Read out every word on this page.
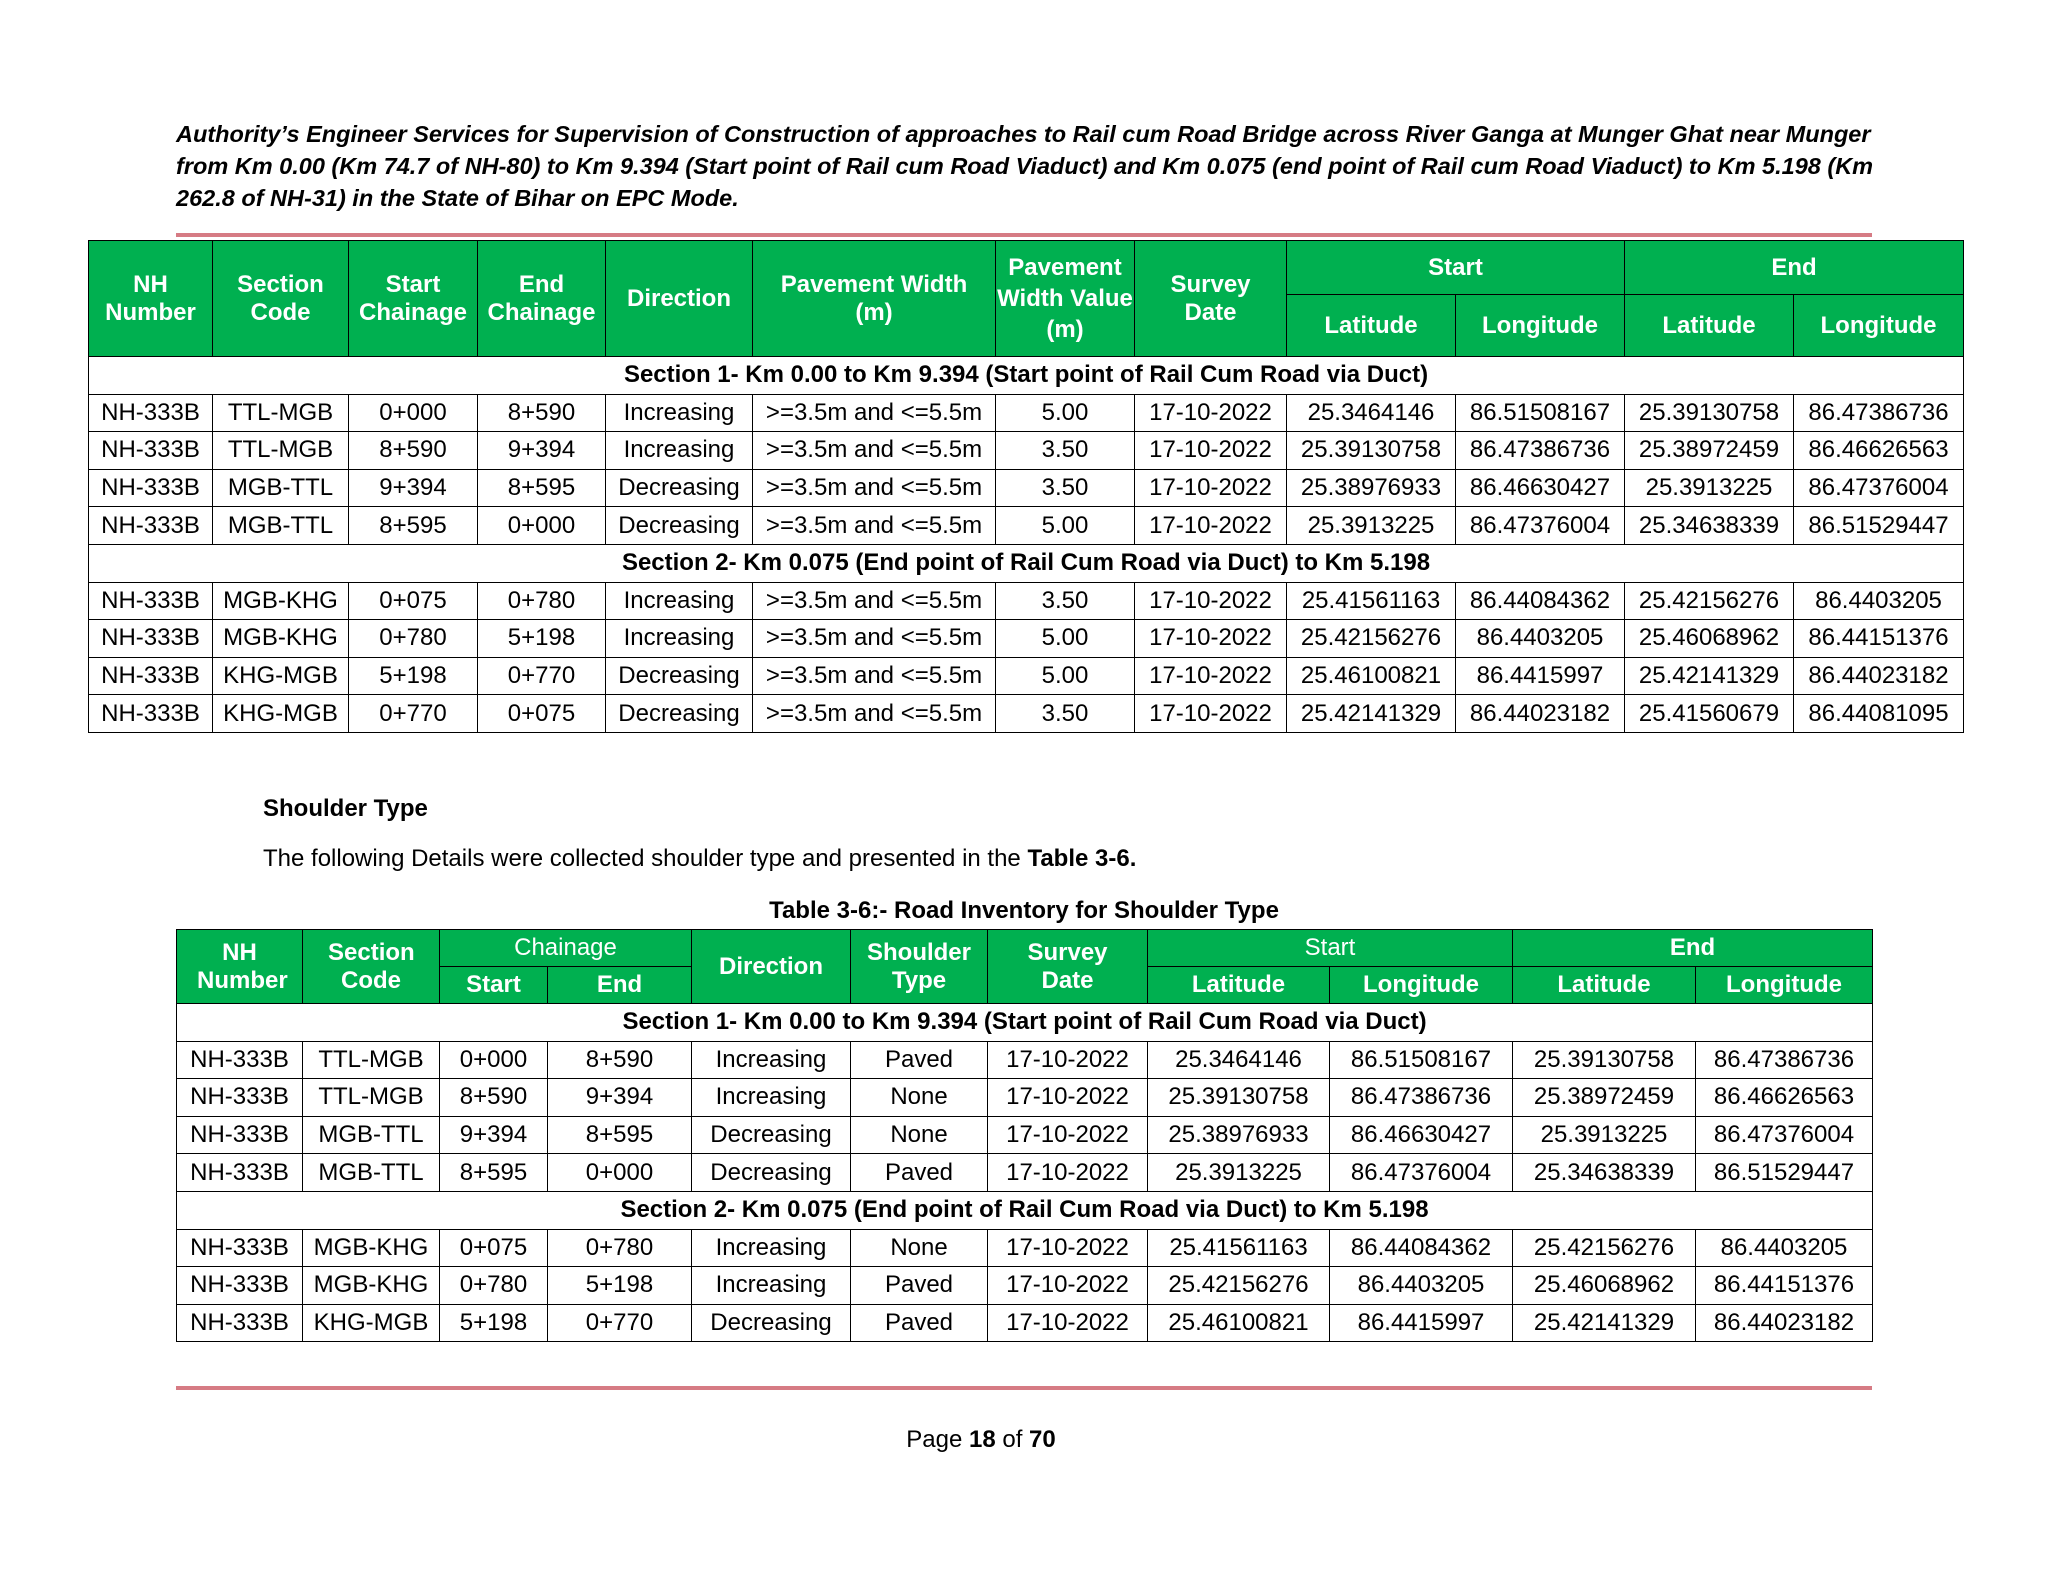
Authority’s Engineer Services for Supervision of Construction of approaches to Rail cum Road Bridge across River Ganga at Munger Ghat near Munger from Km 0.00 (Km 74.7 of NH-80) to Km 9.394 (Start point of Rail cum Road Viaduct) and Km 0.075 (end point of Rail cum Road Viaduct) to Km 5.198 (Km 262.8 of NH-31) in the State of Bihar on EPC Mode.
NH Number	Section Code	Start Chainage	End Chainage	Direction	Pavement Width (m)	Pavement Width Value (m)	Survey Date	Start		End	
								Latitude	Longitude	Latitude	Longitude
Section 1- Km 0.00 to Km 9.394 (Start point of Rail Cum Road via Duct)											
NH-333B	TTL-MGB	0+000	8+590	Increasing	>=3.5m and <=5.5m	5.00	17-10-2022	25.3464146	86.51508167	25.39130758	86.47386736
NH-333B	TTL-MGB	8+590	9+394	Increasing	>=3.5m and <=5.5m	3.50	17-10-2022	25.39130758	86.47386736	25.38972459	86.46626563
NH-333B	MGB-TTL	9+394	8+595	Decreasing	>=3.5m and <=5.5m	3.50	17-10-2022	25.38976933	86.46630427	25.3913225	86.47376004
NH-333B	MGB-TTL	8+595	0+000	Decreasing	>=3.5m and <=5.5m	5.00	17-10-2022	25.3913225	86.47376004	25.34638339	86.51529447
Section 2- Km 0.075 (End point of Rail Cum Road via Duct) to Km 5.198											
NH-333B	MGB-KHG	0+075	0+780	Increasing	>=3.5m and <=5.5m	3.50	17-10-2022	25.41561163	86.44084362	25.42156276	86.4403205
NH-333B	MGB-KHG	0+780	5+198	Increasing	>=3.5m and <=5.5m	5.00	17-10-2022	25.42156276	86.4403205	25.46068962	86.44151376
NH-333B	KHG-MGB	5+198	0+770	Decreasing	>=3.5m and <=5.5m	5.00	17-10-2022	25.46100821	86.4415997	25.42141329	86.44023182
NH-333B	KHG-MGB	0+770	0+075	Decreasing	>=3.5m and <=5.5m	3.50	17-10-2022	25.42141329	86.44023182	25.41560679	86.44081095
Shoulder Type
The following Details were collected shoulder type and presented in the Table 3-6.
Table 3-6:- Road Inventory for Shoulder Type
NH Number	Section Code	Chainage		Direction	Shoulder Type	Survey Date	Start		End	
		Start	End				Latitude	Longitude	Latitude	Longitude
Section 1- Km 0.00 to Km 9.394 (Start point of Rail Cum Road via Duct)										
NH-333B	TTL-MGB	0+000	8+590	Increasing	Paved	17-10-2022	25.3464146	86.51508167	25.39130758	86.47386736
NH-333B	TTL-MGB	8+590	9+394	Increasing	None	17-10-2022	25.39130758	86.47386736	25.38972459	86.46626563
NH-333B	MGB-TTL	9+394	8+595	Decreasing	None	17-10-2022	25.38976933	86.46630427	25.3913225	86.47376004
NH-333B	MGB-TTL	8+595	0+000	Decreasing	Paved	17-10-2022	25.3913225	86.47376004	25.34638339	86.51529447
Section 2- Km 0.075 (End point of Rail Cum Road via Duct) to Km 5.198										
NH-333B	MGB-KHG	0+075	0+780	Increasing	None	17-10-2022	25.41561163	86.44084362	25.42156276	86.4403205
NH-333B	MGB-KHG	0+780	5+198	Increasing	Paved	17-10-2022	25.42156276	86.4403205	25.46068962	86.44151376
NH-333B	KHG-MGB	5+198	0+770	Decreasing	Paved	17-10-2022	25.46100821	86.4415997	25.42141329	86.44023182
Page 18 of 70
